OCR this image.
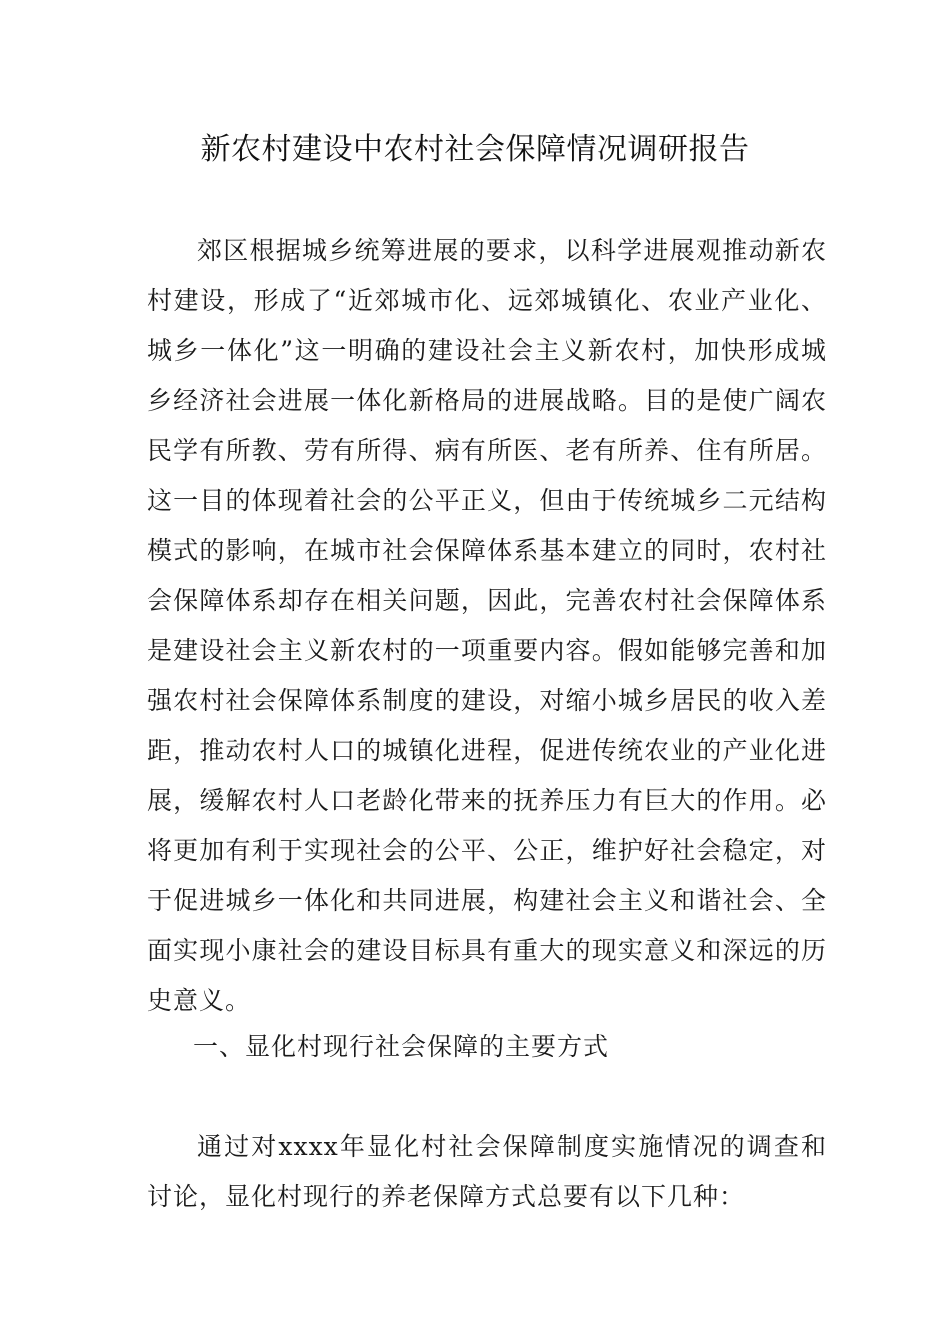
新农村建设中农村社会保障情况调研报告

郊区根据城乡统筹进展的要求，以科学进展观推动新农村建设，形成了“近郊城市化、远郊城镇化、农业产业化、城乡一体化”这一明确的建设社会主义新农村，加快形成城乡经济社会进展一体化新格局的进展战略。目的是使广阔农民学有所教、劳有所得、病有所医、老有所养、住有所居。这一目的体现着社会的公平正义，但由于传统城乡二元结构模式的影响，在城市社会保障体系基本建立的同时，农村社会保障体系却存在相关问题，因此，完善农村社会保障体系是建设社会主义新农村的一项重要内容。假如能够完善和加强农村社会保障体系制度的建设，对缩小城乡居民的收入差距，推动农村人口的城镇化进程，促进传统农业的产业化进展，缓解农村人口老龄化带来的抚养压力有巨大的作用。必将更加有利于实现社会的公平、公正，维护好社会稳定，对于促进城乡一体化和共同进展，构建社会主义和谐社会、全面实现小康社会的建设目标具有重大的现实意义和深远的历史意义。

一、显化村现行社会保障的主要方式

通过对xxxx年显化村社会保障制度实施情况的调查和讨论，显化村现行的养老保障方式总要有以下几种：
